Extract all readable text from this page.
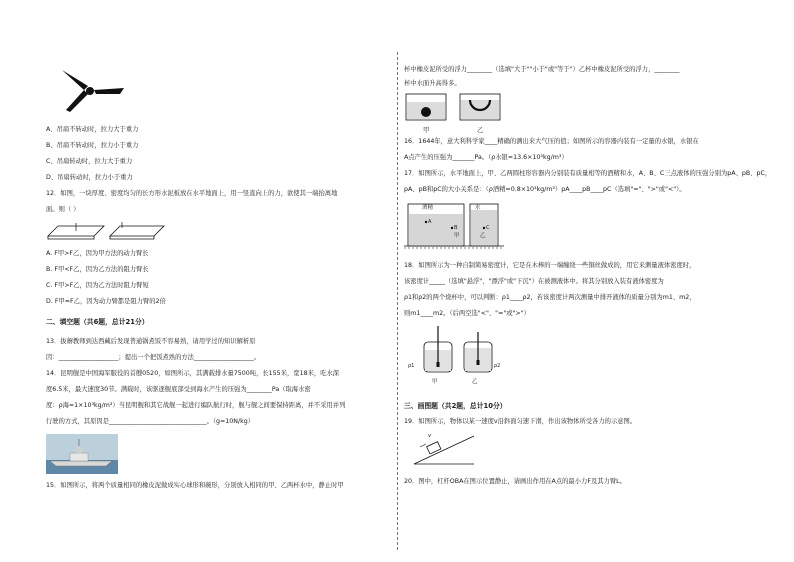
A、吊扇不转动时，拉力大于重力
B、吊扇不转动时，拉力小于重力
C、吊扇转动时，拉力大于重力
D、吊扇转动时，拉力小于重力
12．如图，一块厚度、密度均匀的长方形水泥板放在水平地面上，用一竖直向上的力，欲使其一端抬离地
面。则（ ）
A. F甲>F乙，因为甲方法的动力臂长
B. F甲<F乙，因为乙方法的阻力臂长
C. F甲>F乙，因为乙方法时阻力臂短
D. F甲=F乙，因为动力臂都是阻力臂的2倍
二、填空题（共6题，总计21分）
13．拔蘑教师到达西藏后发现普通锅煮饭不容易熟，请用学过的知识解析原
因：___________________；提出一个把饭煮熟的方法___________________。
14．昆明舰是中国海军服役的首艘0520，如图所示，其满载排水量7500吨，长155米，宽18米，吃水深
度6.5米，最大速度30节。满载时，该驱逐舰底部受到海水产生的压强为________Pa（取海水密
度：ρ海=1×10³kg/m³）当昆明舰和其它战舰一起进行编队航行时，舰与舰之间要保持距离，并不采用并列
行驶的方式，其原因是_______________________________。（g=10N/kg）
15．如图所示，将两个质量相同的橡皮泥做成实心球形和碗形，分别放入相同的甲、乙两杯水中，静止时甲
杯中橡皮泥所受的浮力________（选填"大于""小于"或"等于"）乙杯中橡皮泥所受的浮力，________
杯中水面升高得多。
甲	乙
16．1644年，意大利科学家____精确的测出来大气压的值；如图所示的容器内装有一定量的水银，水银在
A点产生的压强为_______Pa。（ρ水银=13.6×10³kg/m³）
17．如图所示，水平地面上，甲、乙两圆柱形容器内分别装有质量相等的酒精和水，A、B、C三点液体的压强分别为pA、pB、pC，
pA、pB和pC的大小关系是：（ρ酒精=0.8×10³kg/m³）pA____pB____pC（选填"="、">"或"<"）。
酒精	水
A
B	C
甲	乙
18．如图所示为一种自制简易密度计，它是在木棒的一端缠绕一些铜丝做成的，用它来测量液体密度时，
该密度计_____（选填"悬浮"、"漂浮"或"下沉"）在被测液体中。将其分别放入装有液体密度为
ρ1和ρ2的两个烧杯中，可以判断：ρ1____ρ2，若该密度计两次测量中排开液体的质量分别为m1、m2，
则m1____m2。（后两空选"<"、"="或">"）
甲	乙
ρ1	ρ2
三、画图题（共2题，总计10分）
19．如图所示，物体以某一速度v沿斜面匀速下滑，作出该物体所受各力的示意图。
v
20．图中，杠杆OBA在图示位置静止，请画出作用在A点的最小力F及其力臂L。
